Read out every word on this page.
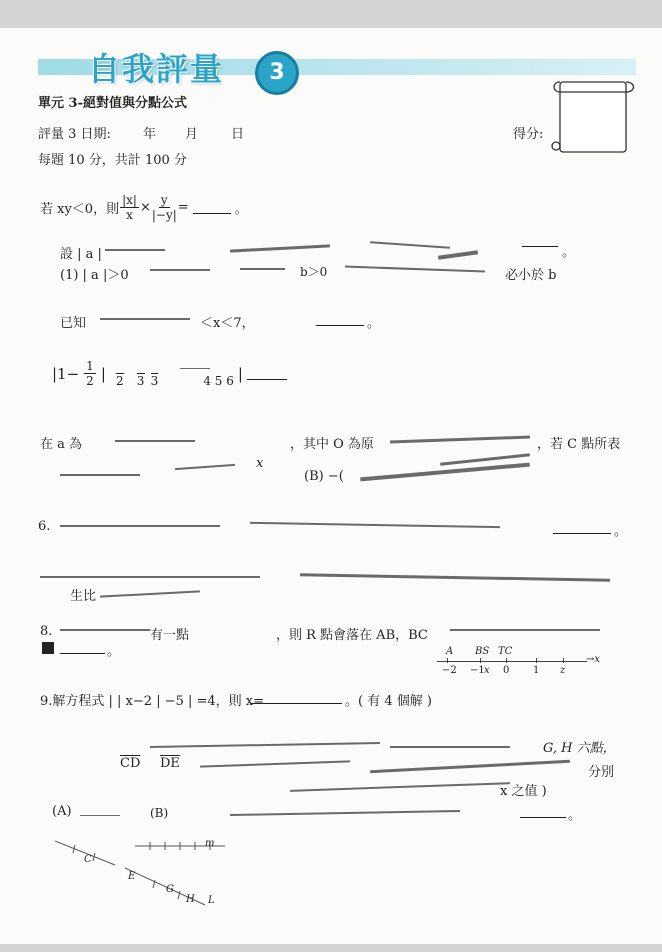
自我評量	3
單元 3-絕對值與分點公式
評量 3 日期: 年 月	日	得分:
每題 10 分，共計 100 分
若 xy＜0，則 $\frac{|x|}{x} \times \frac{y}{|-y|}$ =	。
設 | a |	。
(1) | a |＞0	b＞0	必小於 b
已知	＜x＜7，	。
$|1- \frac{1}{2}$ |
2
3
3	4 5 6 |
在 a 為	，其中 O 為原	，若 C 點所表
x
(B) −(
6.	。
生比
8.	有一點	，則 R 點會落在 AB，BC
。
→x
A BS TC
−2 −1 x 0 1 z
9.解方程式 | | x−2 | −5 | =4，則 x=	。( 有 4 個解 )
G, H 六點，
$\overline{CD}$ $\overline{DE}$
分別
x 之值 )
(A)	(B)	。
C
E
G
H L
m
